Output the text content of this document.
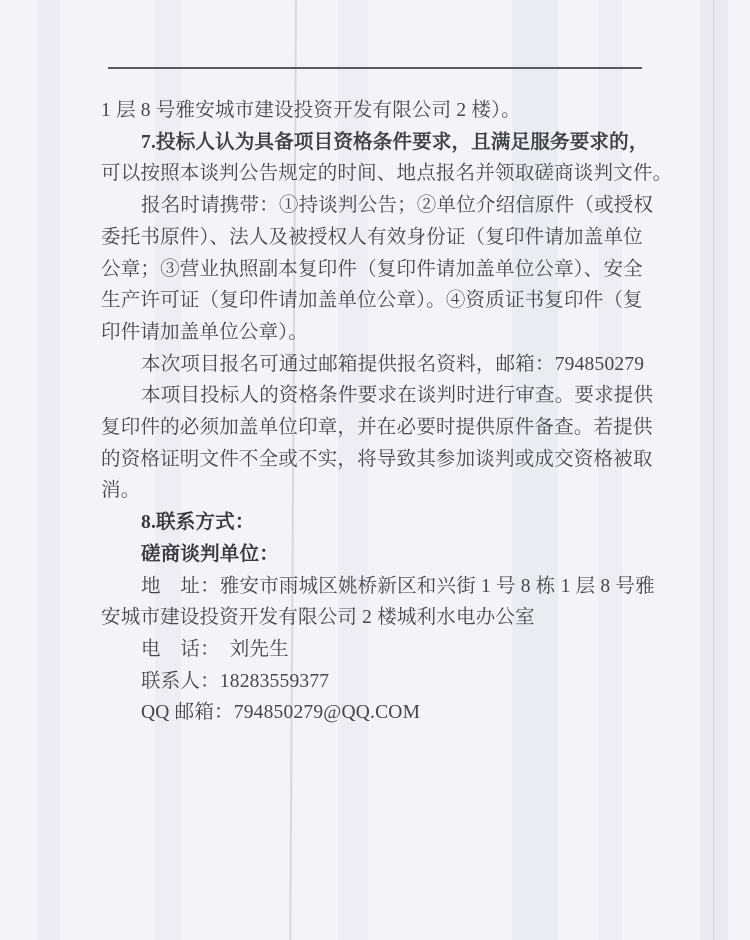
1 层 8 号雅安城市建设投资开发有限公司 2 楼）。
7.投标人认为具备项目资格条件要求，且满足服务要求的，
可以按照本谈判公告规定的时间、地点报名并领取磋商谈判文件。
报名时请携带：①持谈判公告；②单位介绍信原件（或授权
委托书原件）、法人及被授权人有效身份证（复印件请加盖单位
公章；③营业执照副本复印件（复印件请加盖单位公章）、安全
生产许可证（复印件请加盖单位公章）。④资质证书复印件（复
印件请加盖单位公章）。
本次项目报名可通过邮箱提供报名资料，邮箱：794850279
本项目投标人的资格条件要求在谈判时进行审查。要求提供
复印件的必须加盖单位印章，并在必要时提供原件备查。若提供
的资格证明文件不全或不实，将导致其参加谈判或成交资格被取
消。
8.联系方式：
磋商谈判单位：
地　址：雅安市雨城区姚桥新区和兴街 1 号 8 栋 1 层 8 号雅
安城市建设投资开发有限公司 2 楼城利水电办公室
电　话：　刘先生
联系人：18283559377
QQ 邮箱：794850279@QQ.COM
